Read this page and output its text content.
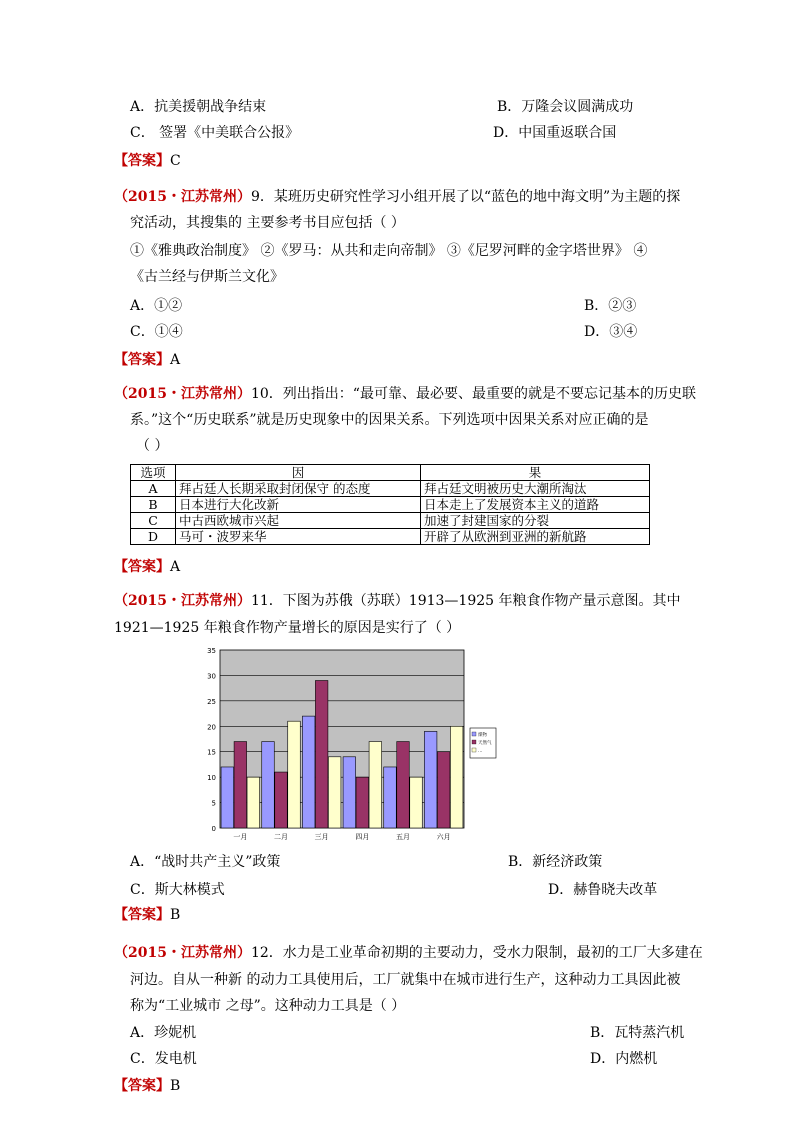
A．抗美援朝战争结束	B．万隆会议圆满成功
C． 签署《中美联合公报》	D．中国重返联合国
【答案】C
（2015・江苏常州）9．某班历史研究性学习小组开展了以“蓝色的地中海文明”为主题的探
究活动，其搜集的 主要参考书目应包括（ ）
①《雅典政治制度》 ②《罗马：从共和走向帝制》 ③《尼罗河畔的金字塔世界》 ④
《古兰经与伊斯兰文化》
A．①②	B．②③
C．①④	D．③④
【答案】A
（2015・江苏常州）10．列出指出：“最可靠、最必要、最重要的就是不要忘记基本的历史联
系。”这个“历史联系”就是历史现象中的因果关系。下列选项中因果关系对应正确的是
（ ）
选项	因	果
A	拜占廷人长期采取封闭保守 的态度	拜占廷文明被历史大潮所淘汰
B	日本进行大化改新	日本走上了发展资本主义的道路
C	中古西欧城市兴起	加速了封建国家的分裂
D	马可・波罗来华	开辟了从欧洲到亚洲的新航路
【答案】A
（2015・江苏常州）11．下图为苏俄（苏联）1913—1925 年粮食作物产量示意图。其中
1921—1925 年粮食作物产量增长的原因是实行了（ ）
0
5
10
15
20
25
30
35
一月	二月	三月	四月	五月	六月
煤物
天然气
…
A．“战时共产主义”政策	B．新经济政策
C．斯大林模式	D．赫鲁晓夫改革
【答案】B
（2015・江苏常州）12．水力是工业革命初期的主要动力，受水力限制，最初的工厂大多建在
河边。自从一种新 的动力工具使用后，工厂就集中在城市进行生产，这种动力工具因此被
称为“工业城市 之母”。这种动力工具是（ ）
A．珍妮机	B．瓦特蒸汽机
C．发电机	D．内燃机
【答案】B
